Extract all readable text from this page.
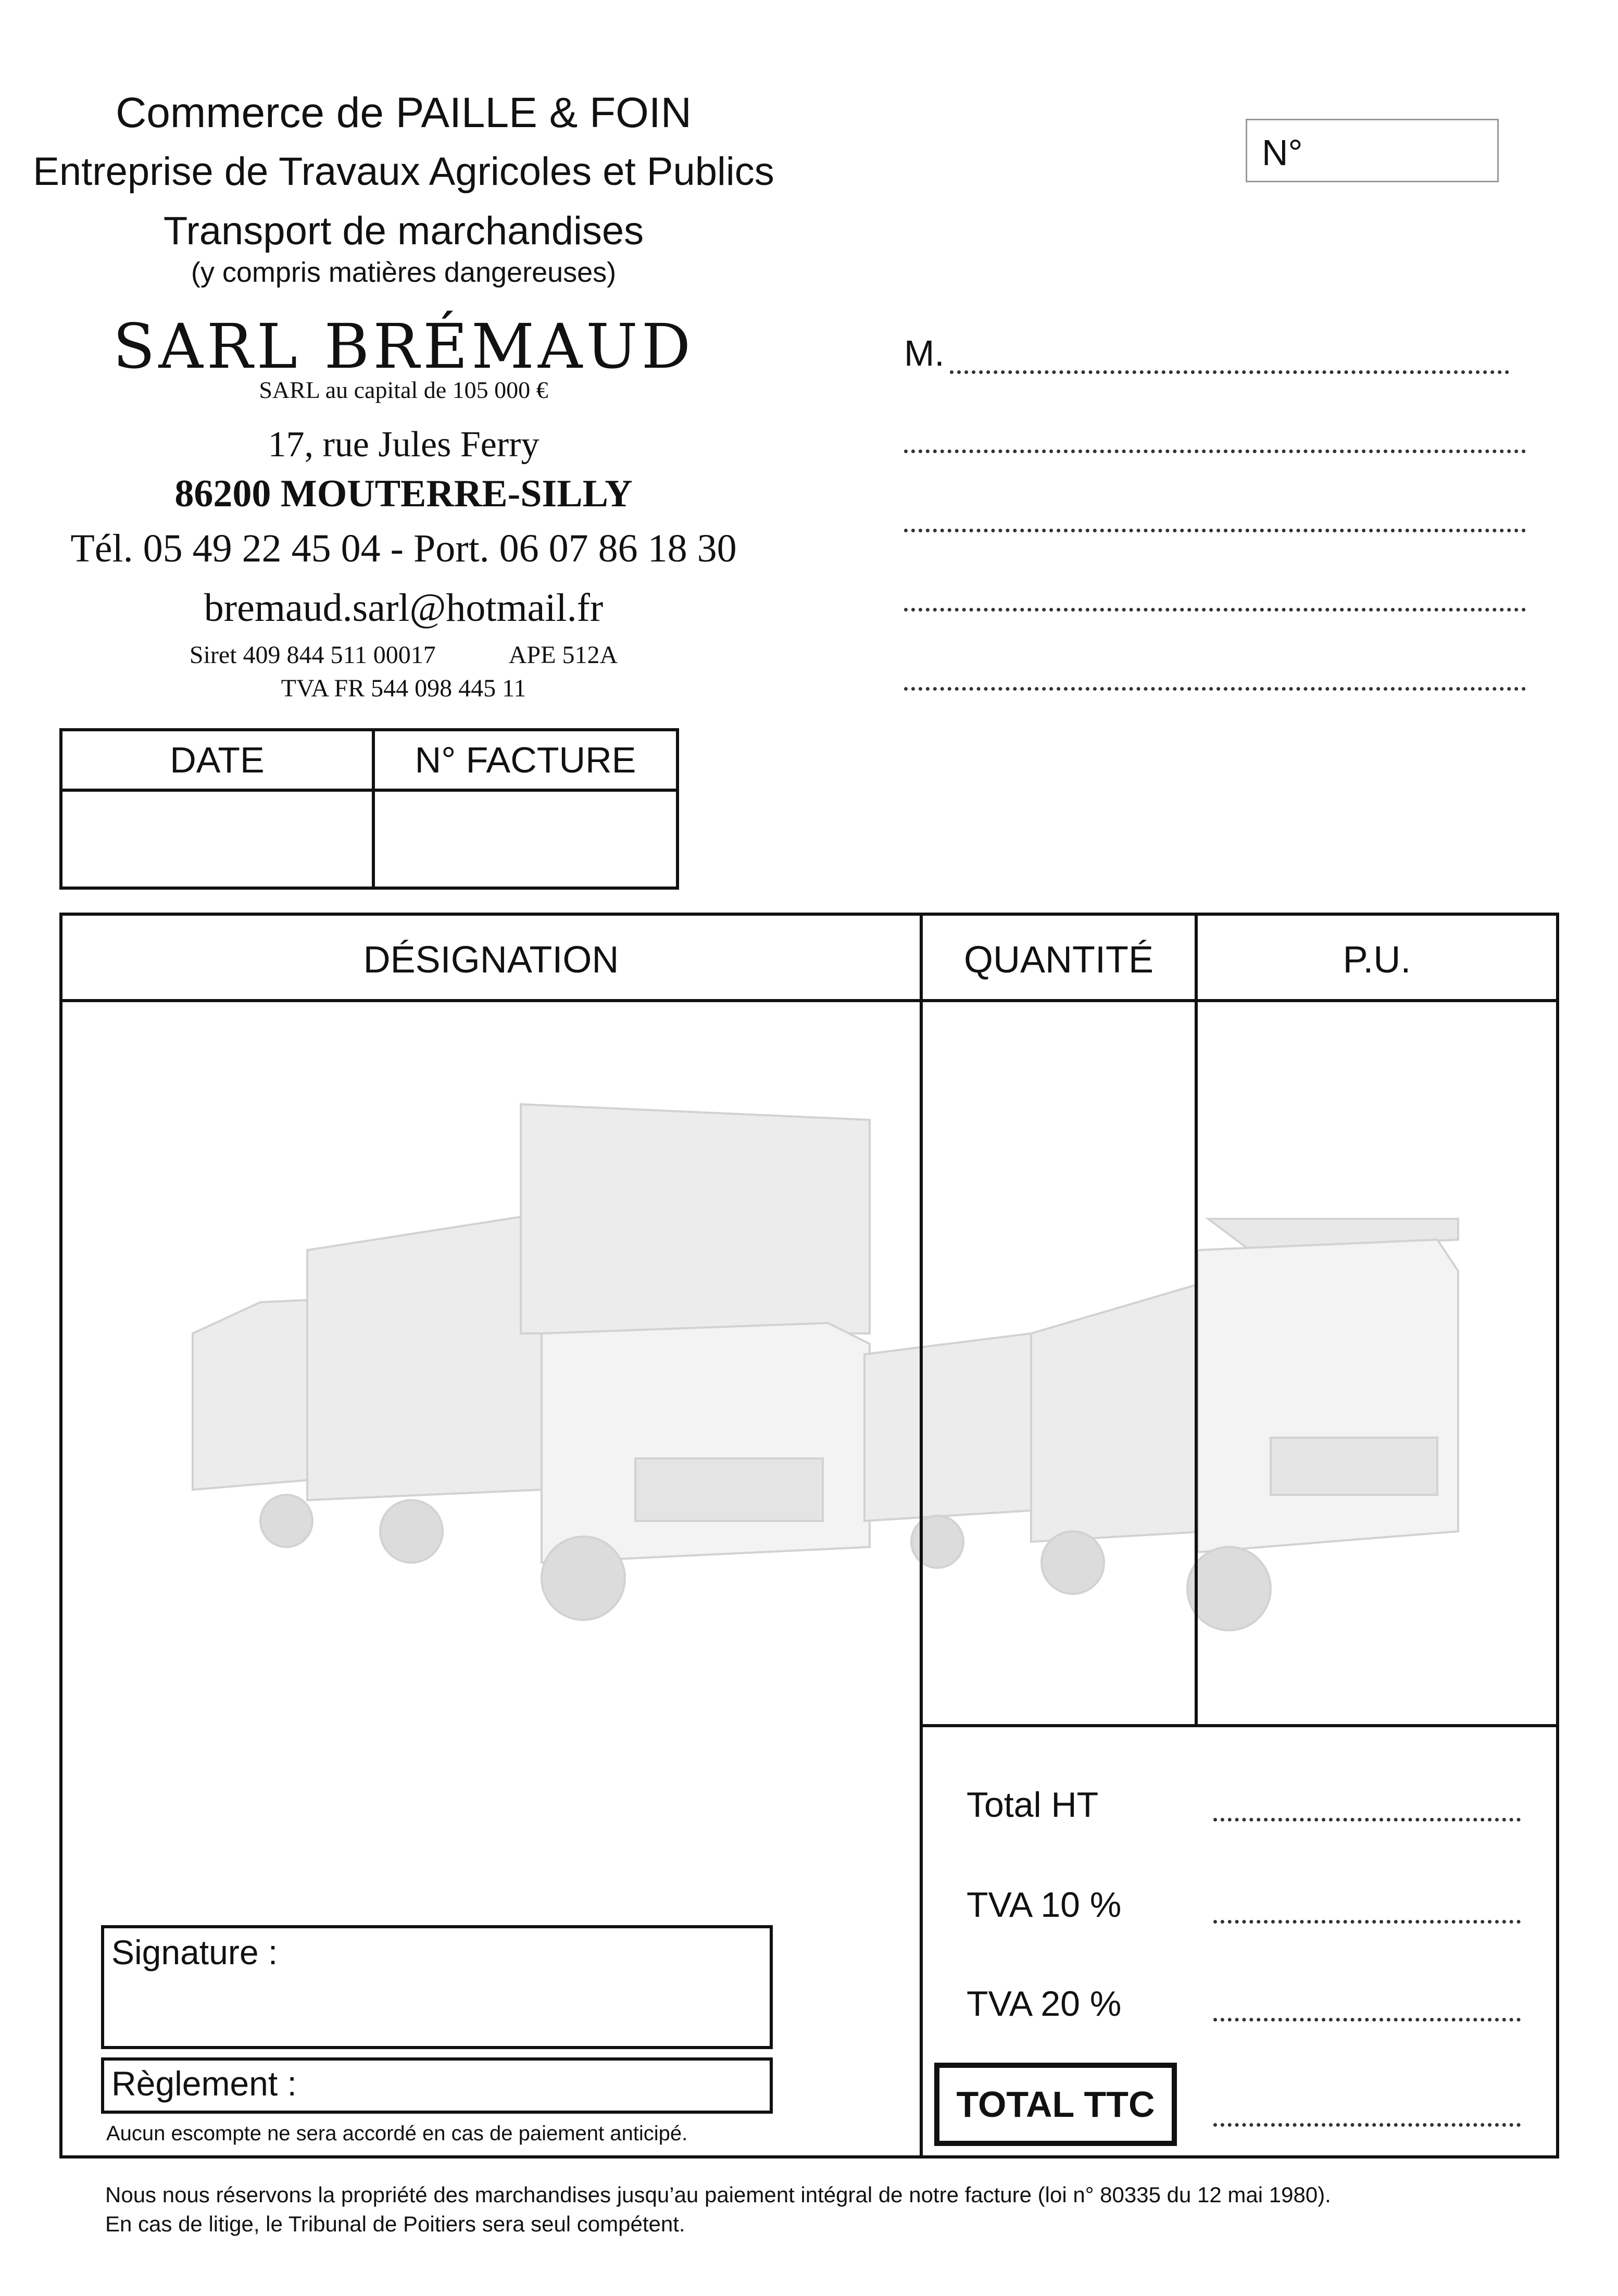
Commerce de PAILLE & FOIN
Entreprise de Travaux Agricoles et Publics
Transport de marchandises
(y compris matières dangereuses)
SARL BRÉMAUD
SARL au capital de 105 000 €
17, rue Jules Ferry
86200 MOUTERRE-SILLY
Tél. 05 49 22 45 04 - Port. 06 07 86 18 30
bremaud.sarl@hotmail.fr
Siret 409 844 511 00017	APE 512A
TVA FR 544 098 445 11
N°
M.
DATE	N° FACTURE
DÉSIGNATION	QUANTITÉ	P.U.
Total HT
TVA 10 %
TVA 20 %
TOTAL TTC
Signature :
Règlement :
Aucun escompte ne sera accordé en cas de paiement anticipé.
Nous nous réservons la propriété des marchandises jusqu’au paiement intégral de notre facture (loi n° 80335 du 12 mai 1980).
En cas de litige, le Tribunal de Poitiers sera seul compétent.
